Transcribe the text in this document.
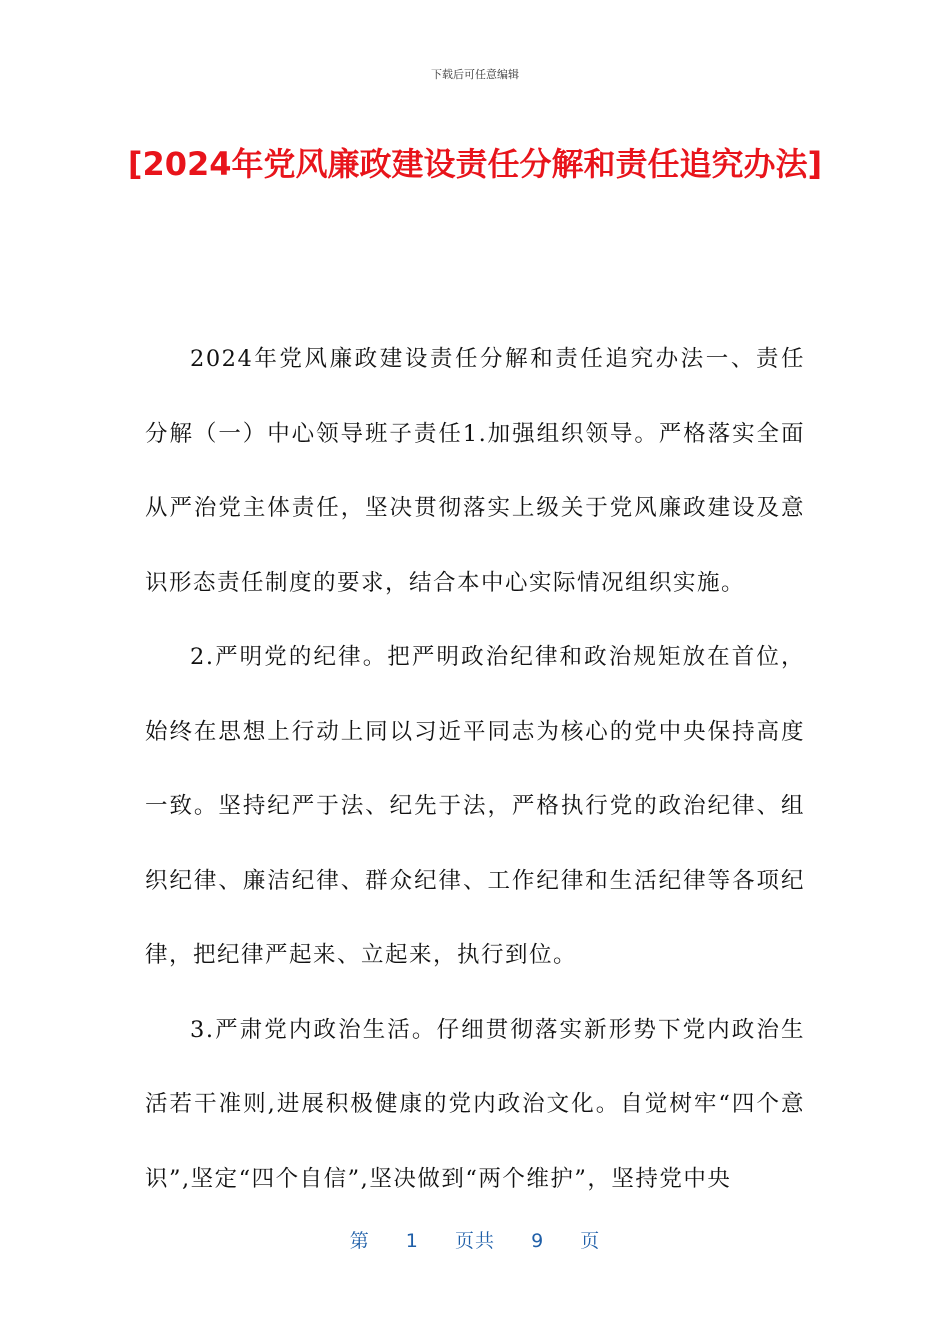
下载后可任意编辑
[2024年党风廉政建设责任分解和责任追究办法]

2024年党风廉政建设责任分解和责任追究办法一、责任分解（一）中心领导班子责任1.加强组织领导。严格落实全面从严治党主体责任，坚决贯彻落实上级关于党风廉政建设及意识形态责任制度的要求，结合本中心实际情况组织实施。

2.严明党的纪律。把严明政治纪律和政治规矩放在首位，始终在思想上行动上同以习近平同志为核心的党中央保持高度一致。坚持纪严于法、纪先于法，严格执行党的政治纪律、组织纪律、廉洁纪律、群众纪律、工作纪律和生活纪律等各项纪律，把纪律严起来、立起来，执行到位。

3.严肃党内政治生活。仔细贯彻落实新形势下党内政治生活若干准则,进展积极健康的党内政治文化。自觉树牢“四个意识”,坚定“四个自信”,坚决做到“两个维护”，坚持党中央

第 1 页共 9 页
